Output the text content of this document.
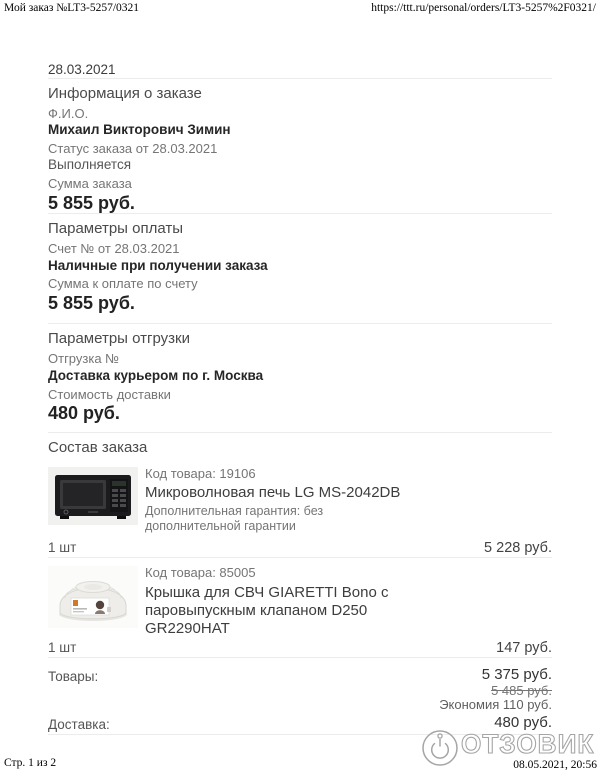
Мой заказ №LT3-5257/0321	https://ttt.ru/personal/orders/LT3-5257%2F0321/
28.03.2021
Информация о заказе
Ф.И.О.
Михаил Викторович Зимин
Статус заказа от 28.03.2021
Выполняется
Сумма заказа
5 855 руб.
Параметры оплаты
Счет № от 28.03.2021
Наличные при получении заказа
Сумма к оплате по счету
5 855 руб.
Параметры отгрузки
Отгрузка №
Доставка курьером по г. Москва
Стоимость доставки
480 руб.
Состав заказа
Код товара: 19106
Микроволновая печь LG MS-2042DB
Дополнительная гарантия: без дополнительной гарантии
1 шт	5 228 руб.
Код товара: 85005
Крышка для СВЧ GIARETTI Bono с паровыпускным клапаном D250 GR2290HAT
1 шт	147 руб.
Товары:	5 375 руб.
5 485 руб.
Экономия 110 руб.
Доставка:	480 руб.
ОТЗОВИК
Стр. 1 из 2	08.05.2021, 20:56
